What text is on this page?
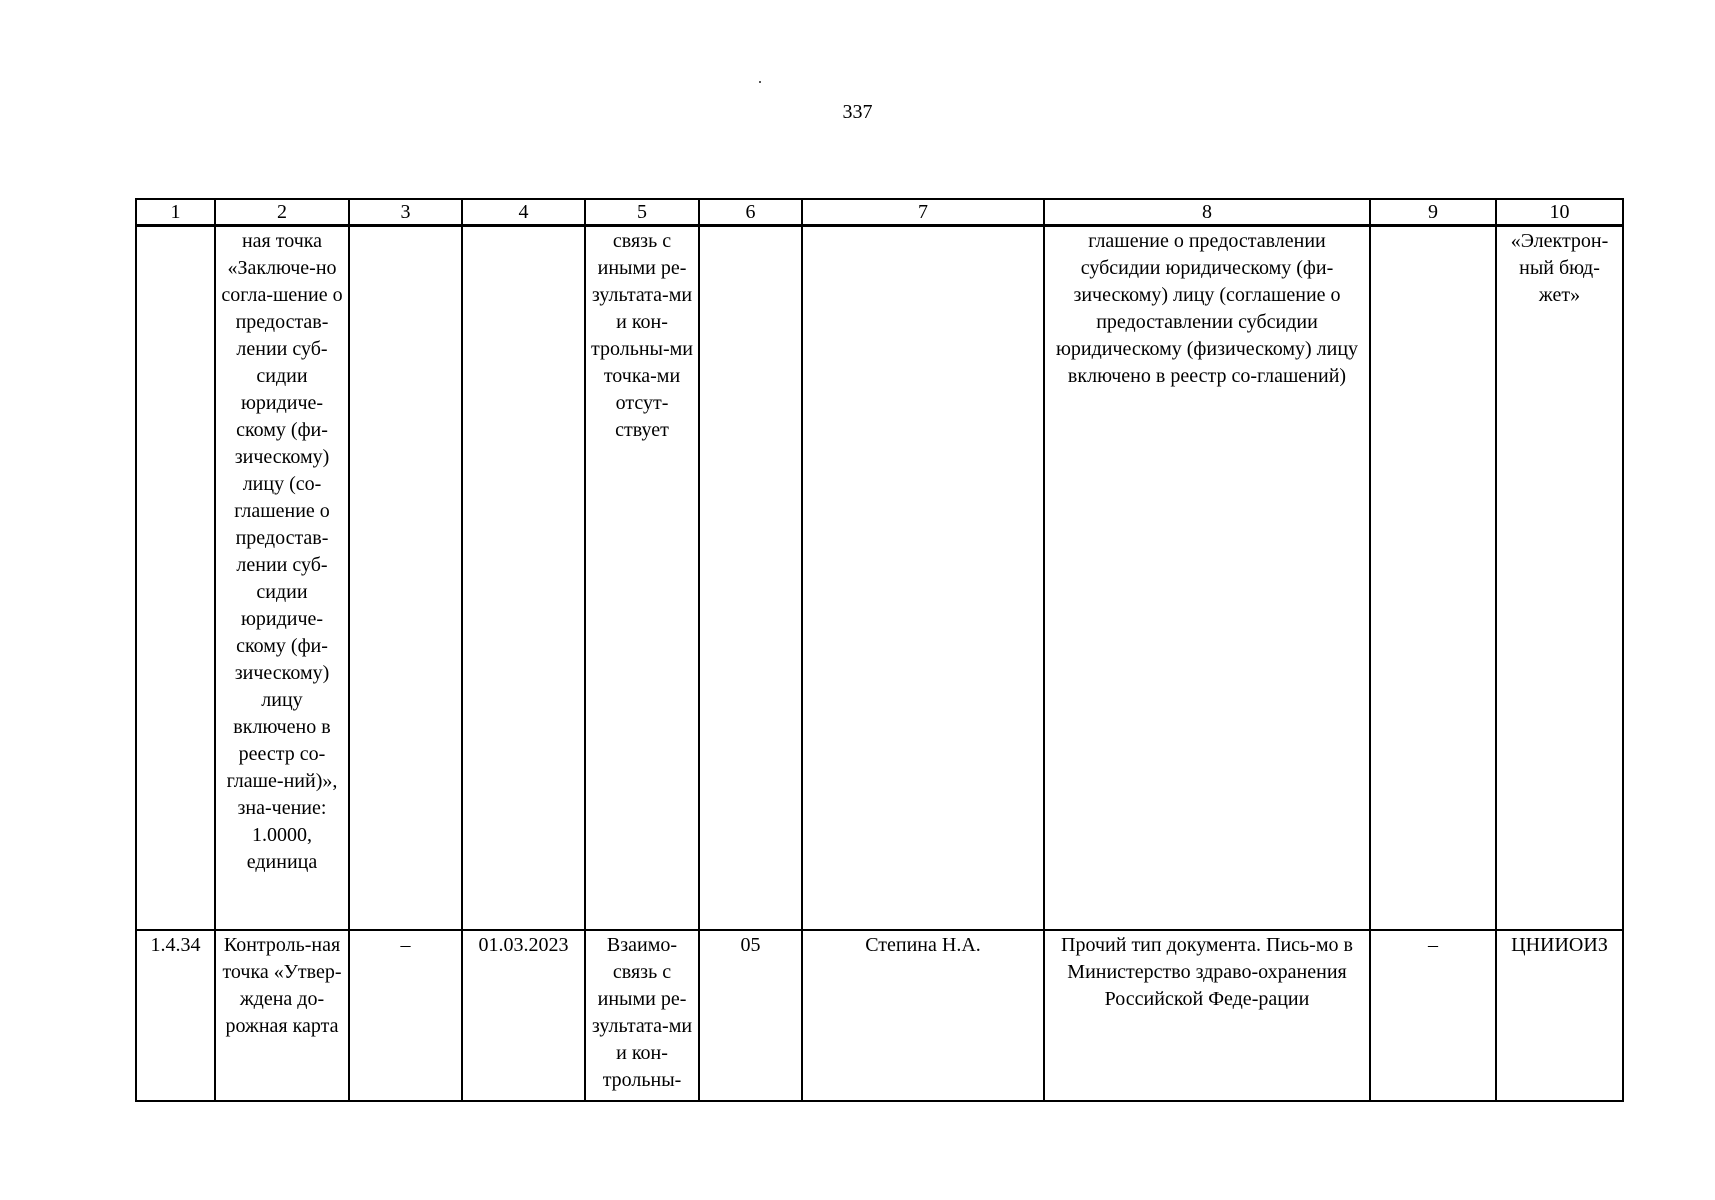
337
1	2	3	4	5	6	7	8	9	10
	ная точка «Заключе-но согла-шение о предостав-лении суб-сидии юридиче-скому (фи-зическому) лицу (со-глашение о предостав-лении суб-сидии юридиче-скому (фи-зическому) лицу включено в реестр со-глаше-ний)», зна-чение: 1.0000, единица			связь с иными ре-зультата-ми и кон-трольны-ми точка-ми отсут-ствует			глашение о предоставлении субсидии юридическому (фи-зическому) лицу (соглашение о предоставлении субсидии юридическому (физическому) лицу включено в реестр со-глашений)		«Электрон-ный бюд-жет»
1.4.34	Контроль-ная точка «Утвер-ждена до-рожная карта	–	01.03.2023	Взаимо-связь с иными ре-зультата-ми и кон-трольны-	05	Степина Н.А.	Прочий тип документа. Пись-мо в Министерство здраво-охранения Российской Феде-рации	–	ЦНИИОИЗ
